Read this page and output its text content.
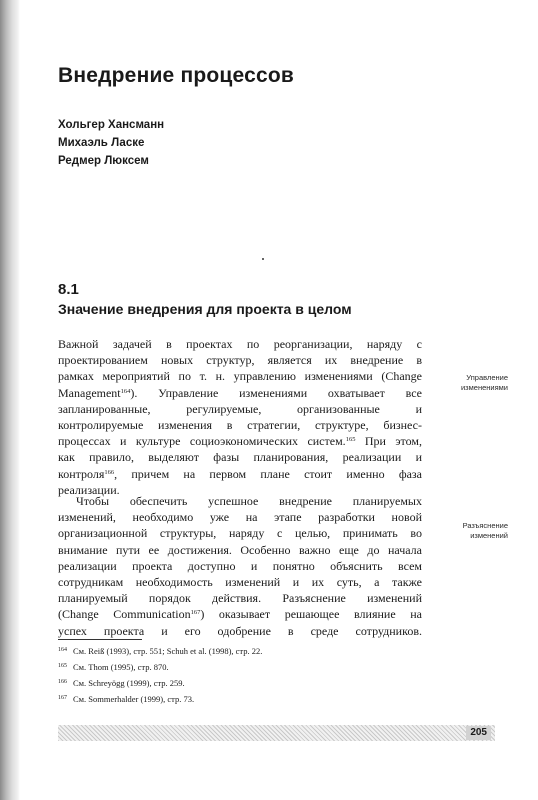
Внедрение процессов
Хольгер Хансманн
Михаэль Ласке
Редмер Люксем
8.1
Значение внедрения для проекта в целом
Важной задачей в проектах по реорганизации, наряду с
проектированием новых структур, является их внедрение в
рамках мероприятий по т. н. управлению изменениями (Change
Management$^{164}$). Управление изменениями охватывает все
запланированные, регулируемые, организованные и
контролируемые изменения в стратегии, структуре, бизнес-
процессах и культуре социоэкономических систем.$^{165}$ При этом,
как правило, выделяют фазы планирования, реализации и
контроля$^{166}$, причем на первом плане стоит именно фаза
реализации.
Чтобы обеспечить успешное внедрение планируемых
изменений, необходимо уже на этапе разработки новой
организационной структуры, наряду с целью, принимать во
внимание пути ее достижения. Особенно важно еще до начала
реализации проекта доступно и понятно объяснить всем
сотрудникам необходимость изменений и их суть, а также
планируемый порядок действия. Разъяснение изменений
(Change Communication$^{167}$) оказывает решающее влияние на
успех проекта и его одобрение в среде сотрудников.
Управление
изменениями
Разъяснение
изменений
$^{164}$ См. Reiß (1993), стр. 551; Schuh et al. (1998), стр. 22.
$^{165}$ См. Thom (1995), стр. 870.
$^{166}$ См. Schreyögg (1999), стр. 259.
$^{167}$ См. Sommerhalder (1999), стр. 73.
205
